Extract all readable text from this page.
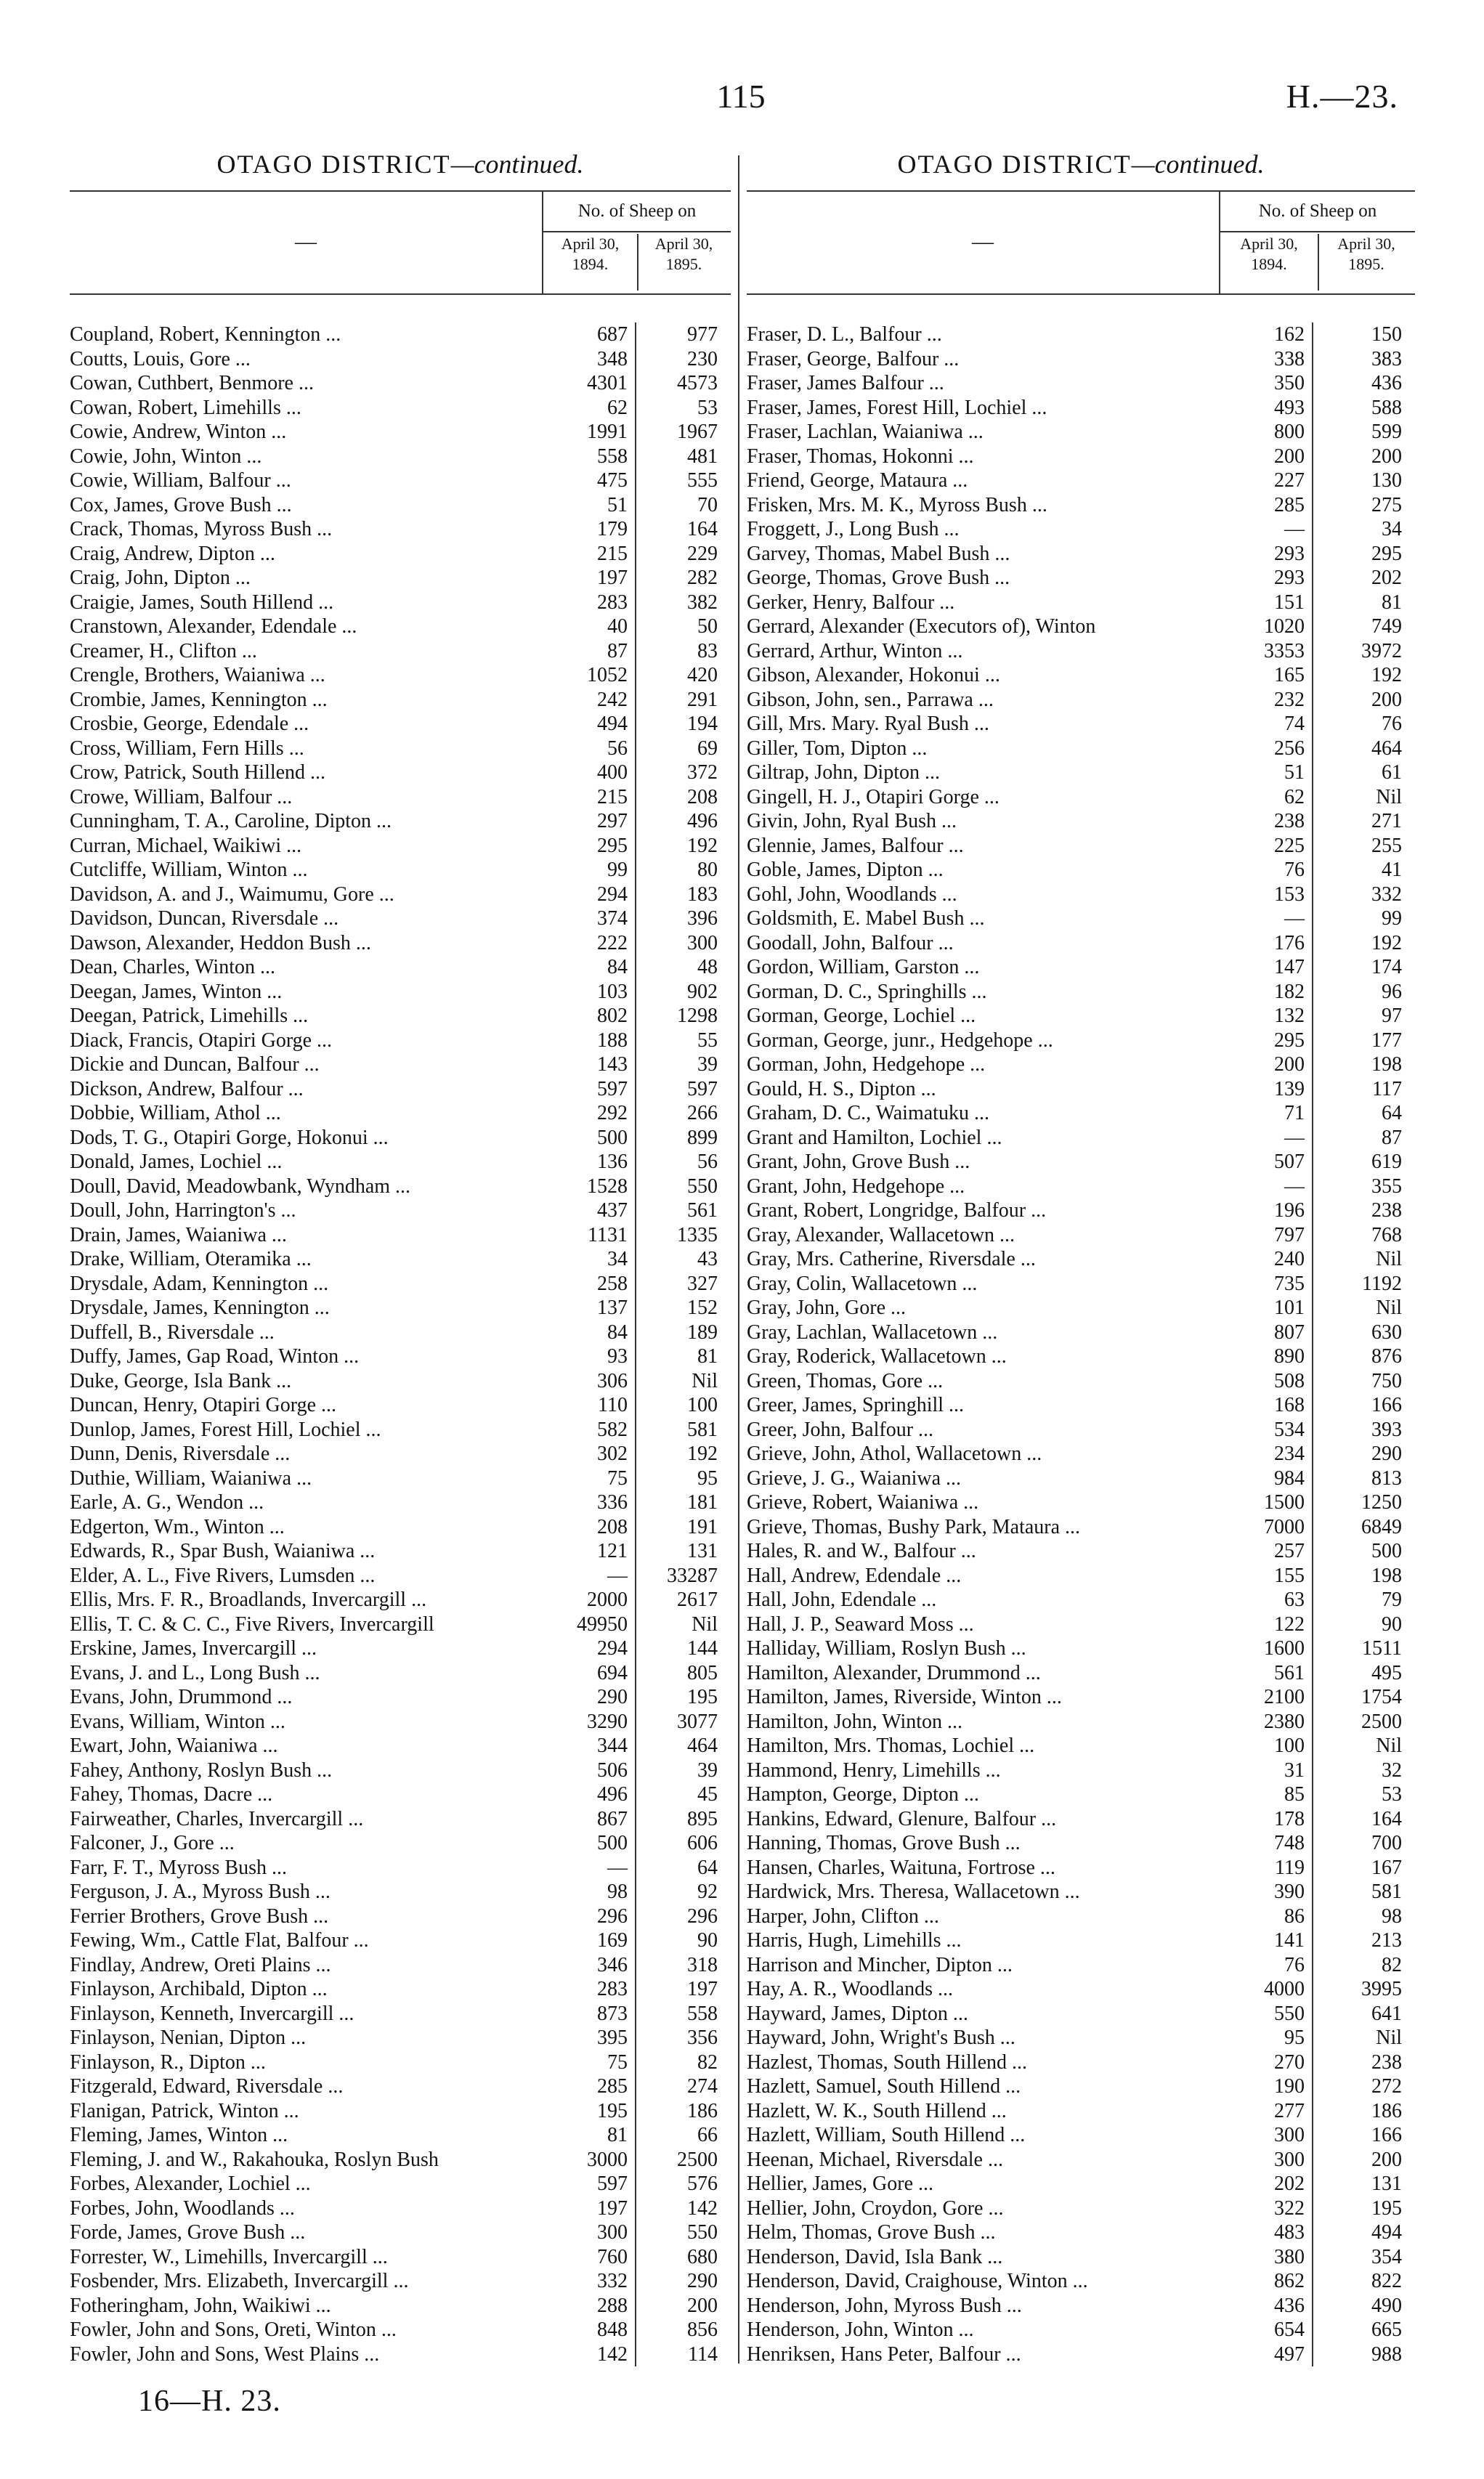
115	H.—23.
OTAGO DISTRICT—continued.
—
No. of Sheep on
April 30, 1894.
April 30, 1895.
Coupland, Robert, Kennington ...	687	977
Coutts, Louis, Gore ...	348	230
Cowan, Cuthbert, Benmore ...	4301	4573
Cowan, Robert, Limehills ...	62	53
Cowie, Andrew, Winton ...	1991	1967
Cowie, John, Winton ...	558	481
Cowie, William, Balfour ...	475	555
Cox, James, Grove Bush ...	51	70
Crack, Thomas, Myross Bush ...	179	164
Craig, Andrew, Dipton ...	215	229
Craig, John, Dipton ...	197	282
Craigie, James, South Hillend ...	283	382
Cranstown, Alexander, Edendale ...	40	50
Creamer, H., Clifton ...	87	83
Crengle, Brothers, Waianiwa ...	1052	420
Crombie, James, Kennington ...	242	291
Crosbie, George, Edendale ...	494	194
Cross, William, Fern Hills ...	56	69
Crow, Patrick, South Hillend ...	400	372
Crowe, William, Balfour ...	215	208
Cunningham, T. A., Caroline, Dipton ...	297	496
Curran, Michael, Waikiwi ...	295	192
Cutcliffe, William, Winton ...	99	80
Davidson, A. and J., Waimumu, Gore ...	294	183
Davidson, Duncan, Riversdale ...	374	396
Dawson, Alexander, Heddon Bush ...	222	300
Dean, Charles, Winton ...	84	48
Deegan, James, Winton ...	103	902
Deegan, Patrick, Limehills ...	802	1298
Diack, Francis, Otapiri Gorge ...	188	55
Dickie and Duncan, Balfour ...	143	39
Dickson, Andrew, Balfour ...	597	597
Dobbie, William, Athol ...	292	266
Dods, T. G., Otapiri Gorge, Hokonui ...	500	899
Donald, James, Lochiel ...	136	56
Doull, David, Meadowbank, Wyndham ...	1528	550
Doull, John, Harrington's ...	437	561
Drain, James, Waianiwa ...	1131	1335
Drake, William, Oteramika ...	34	43
Drysdale, Adam, Kennington ...	258	327
Drysdale, James, Kennington ...	137	152
Duffell, B., Riversdale ...	84	189
Duffy, James, Gap Road, Winton ...	93	81
Duke, George, Isla Bank ...	306	Nil
Duncan, Henry, Otapiri Gorge ...	110	100
Dunlop, James, Forest Hill, Lochiel ...	582	581
Dunn, Denis, Riversdale ...	302	192
Duthie, William, Waianiwa ...	75	95
Earle, A. G., Wendon ...	336	181
Edgerton, Wm., Winton ...	208	191
Edwards, R., Spar Bush, Waianiwa ...	121	131
Elder, A. L., Five Rivers, Lumsden ...	—	33287
Ellis, Mrs. F. R., Broadlands, Invercargill ...	2000	2617
Ellis, T. C. & C. C., Five Rivers, Invercargill	49950	Nil
Erskine, James, Invercargill ...	294	144
Evans, J. and L., Long Bush ...	694	805
Evans, John, Drummond ...	290	195
Evans, William, Winton ...	3290	3077
Ewart, John, Waianiwa ...	344	464
Fahey, Anthony, Roslyn Bush ...	506	39
Fahey, Thomas, Dacre ...	496	45
Fairweather, Charles, Invercargill ...	867	895
Falconer, J., Gore ...	500	606
Farr, F. T., Myross Bush ...	—	64
Ferguson, J. A., Myross Bush ...	98	92
Ferrier Brothers, Grove Bush ...	296	296
Fewing, Wm., Cattle Flat, Balfour ...	169	90
Findlay, Andrew, Oreti Plains ...	346	318
Finlayson, Archibald, Dipton ...	283	197
Finlayson, Kenneth, Invercargill ...	873	558
Finlayson, Nenian, Dipton ...	395	356
Finlayson, R., Dipton ...	75	82
Fitzgerald, Edward, Riversdale ...	285	274
Flanigan, Patrick, Winton ...	195	186
Fleming, James, Winton ...	81	66
Fleming, J. and W., Rakahouka, Roslyn Bush	3000	2500
Forbes, Alexander, Lochiel ...	597	576
Forbes, John, Woodlands ...	197	142
Forde, James, Grove Bush ...	300	550
Forrester, W., Limehills, Invercargill ...	760	680
Fosbender, Mrs. Elizabeth, Invercargill ...	332	290
Fotheringham, John, Waikiwi ...	288	200
Fowler, John and Sons, Oreti, Winton ...	848	856
Fowler, John and Sons, West Plains ...	142	114
OTAGO DISTRICT—continued.
—
No. of Sheep on
April 30, 1894.
April 30, 1895.
Fraser, D. L., Balfour ...	162	150
Fraser, George, Balfour ...	338	383
Fraser, James Balfour ...	350	436
Fraser, James, Forest Hill, Lochiel ...	493	588
Fraser, Lachlan, Waianiwa ...	800	599
Fraser, Thomas, Hokonni ...	200	200
Friend, George, Mataura ...	227	130
Frisken, Mrs. M. K., Myross Bush ...	285	275
Froggett, J., Long Bush ...	—	34
Garvey, Thomas, Mabel Bush ...	293	295
George, Thomas, Grove Bush ...	293	202
Gerker, Henry, Balfour ...	151	81
Gerrard, Alexander (Executors of), Winton	1020	749
Gerrard, Arthur, Winton ...	3353	3972
Gibson, Alexander, Hokonui ...	165	192
Gibson, John, sen., Parrawa ...	232	200
Gill, Mrs. Mary. Ryal Bush ...	74	76
Giller, Tom, Dipton ...	256	464
Giltrap, John, Dipton ...	51	61
Gingell, H. J., Otapiri Gorge ...	62	Nil
Givin, John, Ryal Bush ...	238	271
Glennie, James, Balfour ...	225	255
Goble, James, Dipton ...	76	41
Gohl, John, Woodlands ...	153	332
Goldsmith, E. Mabel Bush ...	—	99
Goodall, John, Balfour ...	176	192
Gordon, William, Garston ...	147	174
Gorman, D. C., Springhills ...	182	96
Gorman, George, Lochiel ...	132	97
Gorman, George, junr., Hedgehope ...	295	177
Gorman, John, Hedgehope ...	200	198
Gould, H. S., Dipton ...	139	117
Graham, D. C., Waimatuku ...	71	64
Grant and Hamilton, Lochiel ...	—	87
Grant, John, Grove Bush ...	507	619
Grant, John, Hedgehope ...	—	355
Grant, Robert, Longridge, Balfour ...	196	238
Gray, Alexander, Wallacetown ...	797	768
Gray, Mrs. Catherine, Riversdale ...	240	Nil
Gray, Colin, Wallacetown ...	735	1192
Gray, John, Gore ...	101	Nil
Gray, Lachlan, Wallacetown ...	807	630
Gray, Roderick, Wallacetown ...	890	876
Green, Thomas, Gore ...	508	750
Greer, James, Springhill ...	168	166
Greer, John, Balfour ...	534	393
Grieve, John, Athol, Wallacetown ...	234	290
Grieve, J. G., Waianiwa ...	984	813
Grieve, Robert, Waianiwa ...	1500	1250
Grieve, Thomas, Bushy Park, Mataura ...	7000	6849
Hales, R. and W., Balfour ...	257	500
Hall, Andrew, Edendale ...	155	198
Hall, John, Edendale ...	63	79
Hall, J. P., Seaward Moss ...	122	90
Halliday, William, Roslyn Bush ...	1600	1511
Hamilton, Alexander, Drummond ...	561	495
Hamilton, James, Riverside, Winton ...	2100	1754
Hamilton, John, Winton ...	2380	2500
Hamilton, Mrs. Thomas, Lochiel ...	100	Nil
Hammond, Henry, Limehills ...	31	32
Hampton, George, Dipton ...	85	53
Hankins, Edward, Glenure, Balfour ...	178	164
Hanning, Thomas, Grove Bush ...	748	700
Hansen, Charles, Waituna, Fortrose ...	119	167
Hardwick, Mrs. Theresa, Wallacetown ...	390	581
Harper, John, Clifton ...	86	98
Harris, Hugh, Limehills ...	141	213
Harrison and Mincher, Dipton ...	76	82
Hay, A. R., Woodlands ...	4000	3995
Hayward, James, Dipton ...	550	641
Hayward, John, Wright's Bush ...	95	Nil
Hazlest, Thomas, South Hillend ...	270	238
Hazlett, Samuel, South Hillend ...	190	272
Hazlett, W. K., South Hillend ...	277	186
Hazlett, William, South Hillend ...	300	166
Heenan, Michael, Riversdale ...	300	200
Hellier, James, Gore ...	202	131
Hellier, John, Croydon, Gore ...	322	195
Helm, Thomas, Grove Bush ...	483	494
Henderson, David, Isla Bank ...	380	354
Henderson, David, Craighouse, Winton ...	862	822
Henderson, John, Myross Bush ...	436	490
Henderson, John, Winton ...	654	665
Henriksen, Hans Peter, Balfour ...	497	988
16—H. 23.
